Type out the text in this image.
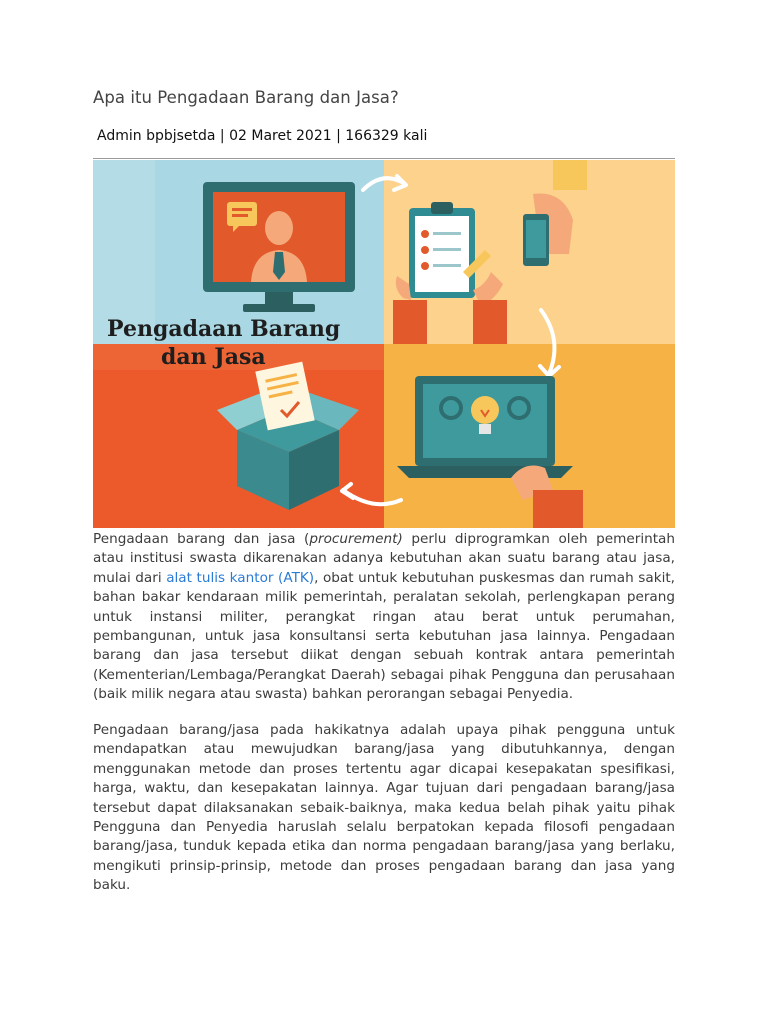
Apa itu Pengadaan Barang dan Jasa?
Admin bpbjsetda | 02 Maret 2021 | 166329 kali
Pengadaan Barang
dan Jasa
Pengadaan barang dan jasa (procurement) perlu diprogramkan oleh pemerintah atau institusi swasta dikarenakan adanya kebutuhan akan suatu barang atau jasa, mulai dari alat tulis kantor (ATK), obat untuk kebutuhan puskesmas dan rumah sakit, bahan bakar kendaraan milik pemerintah, peralatan sekolah, perlengkapan perang untuk instansi militer, perangkat ringan atau berat untuk perumahan, pembangunan, untuk jasa konsultansi serta kebutuhan jasa lainnya. Pengadaan barang dan jasa tersebut diikat dengan sebuah kontrak antara pemerintah (Kementerian/Lembaga/Perangkat Daerah) sebagai pihak Pengguna dan perusahaan (baik milik negara atau swasta) bahkan perorangan sebagai Penyedia.
Pengadaan barang/jasa pada hakikatnya adalah upaya pihak pengguna untuk mendapatkan atau mewujudkan barang/jasa yang dibutuhkannya, dengan menggunakan metode dan proses tertentu agar dicapai kesepakatan spesifikasi, harga, waktu, dan kesepakatan lainnya. Agar tujuan dari pengadaan barang/jasa tersebut dapat dilaksanakan sebaik-baiknya, maka kedua belah pihak yaitu pihak Pengguna dan Penyedia haruslah selalu berpatokan kepada filosofi pengadaan barang/jasa, tunduk kepada etika dan norma pengadaan barang/jasa yang berlaku, mengikuti prinsip-prinsip, metode dan proses pengadaan barang dan jasa yang baku.
